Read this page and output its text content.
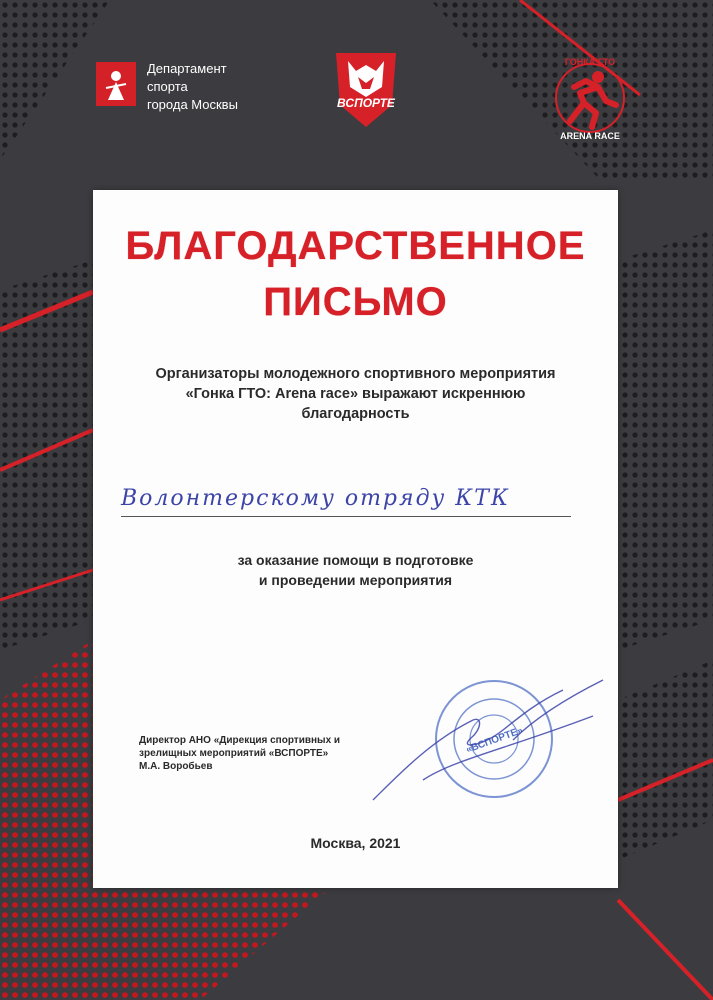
Департамент
спорта
города Москвы	ВСПОРТЕ
ГОНКА ГТО
ARENA RACE
БЛАГОДАРСТВЕННОЕ
ПИСЬМО
Организаторы молодежного спортивного мероприятия
«Гонка ГТО: Arena race» выражают искреннюю
благодарность
Волонтерскому отряду КТК
за оказание помощи в подготовке
и проведении мероприятия
Директор АНО «Дирекция спортивных и
зрелищных мероприятий «ВСПОРТЕ»
М.А. Воробьев
«ВСПОРТЕ»
Москва, 2021
